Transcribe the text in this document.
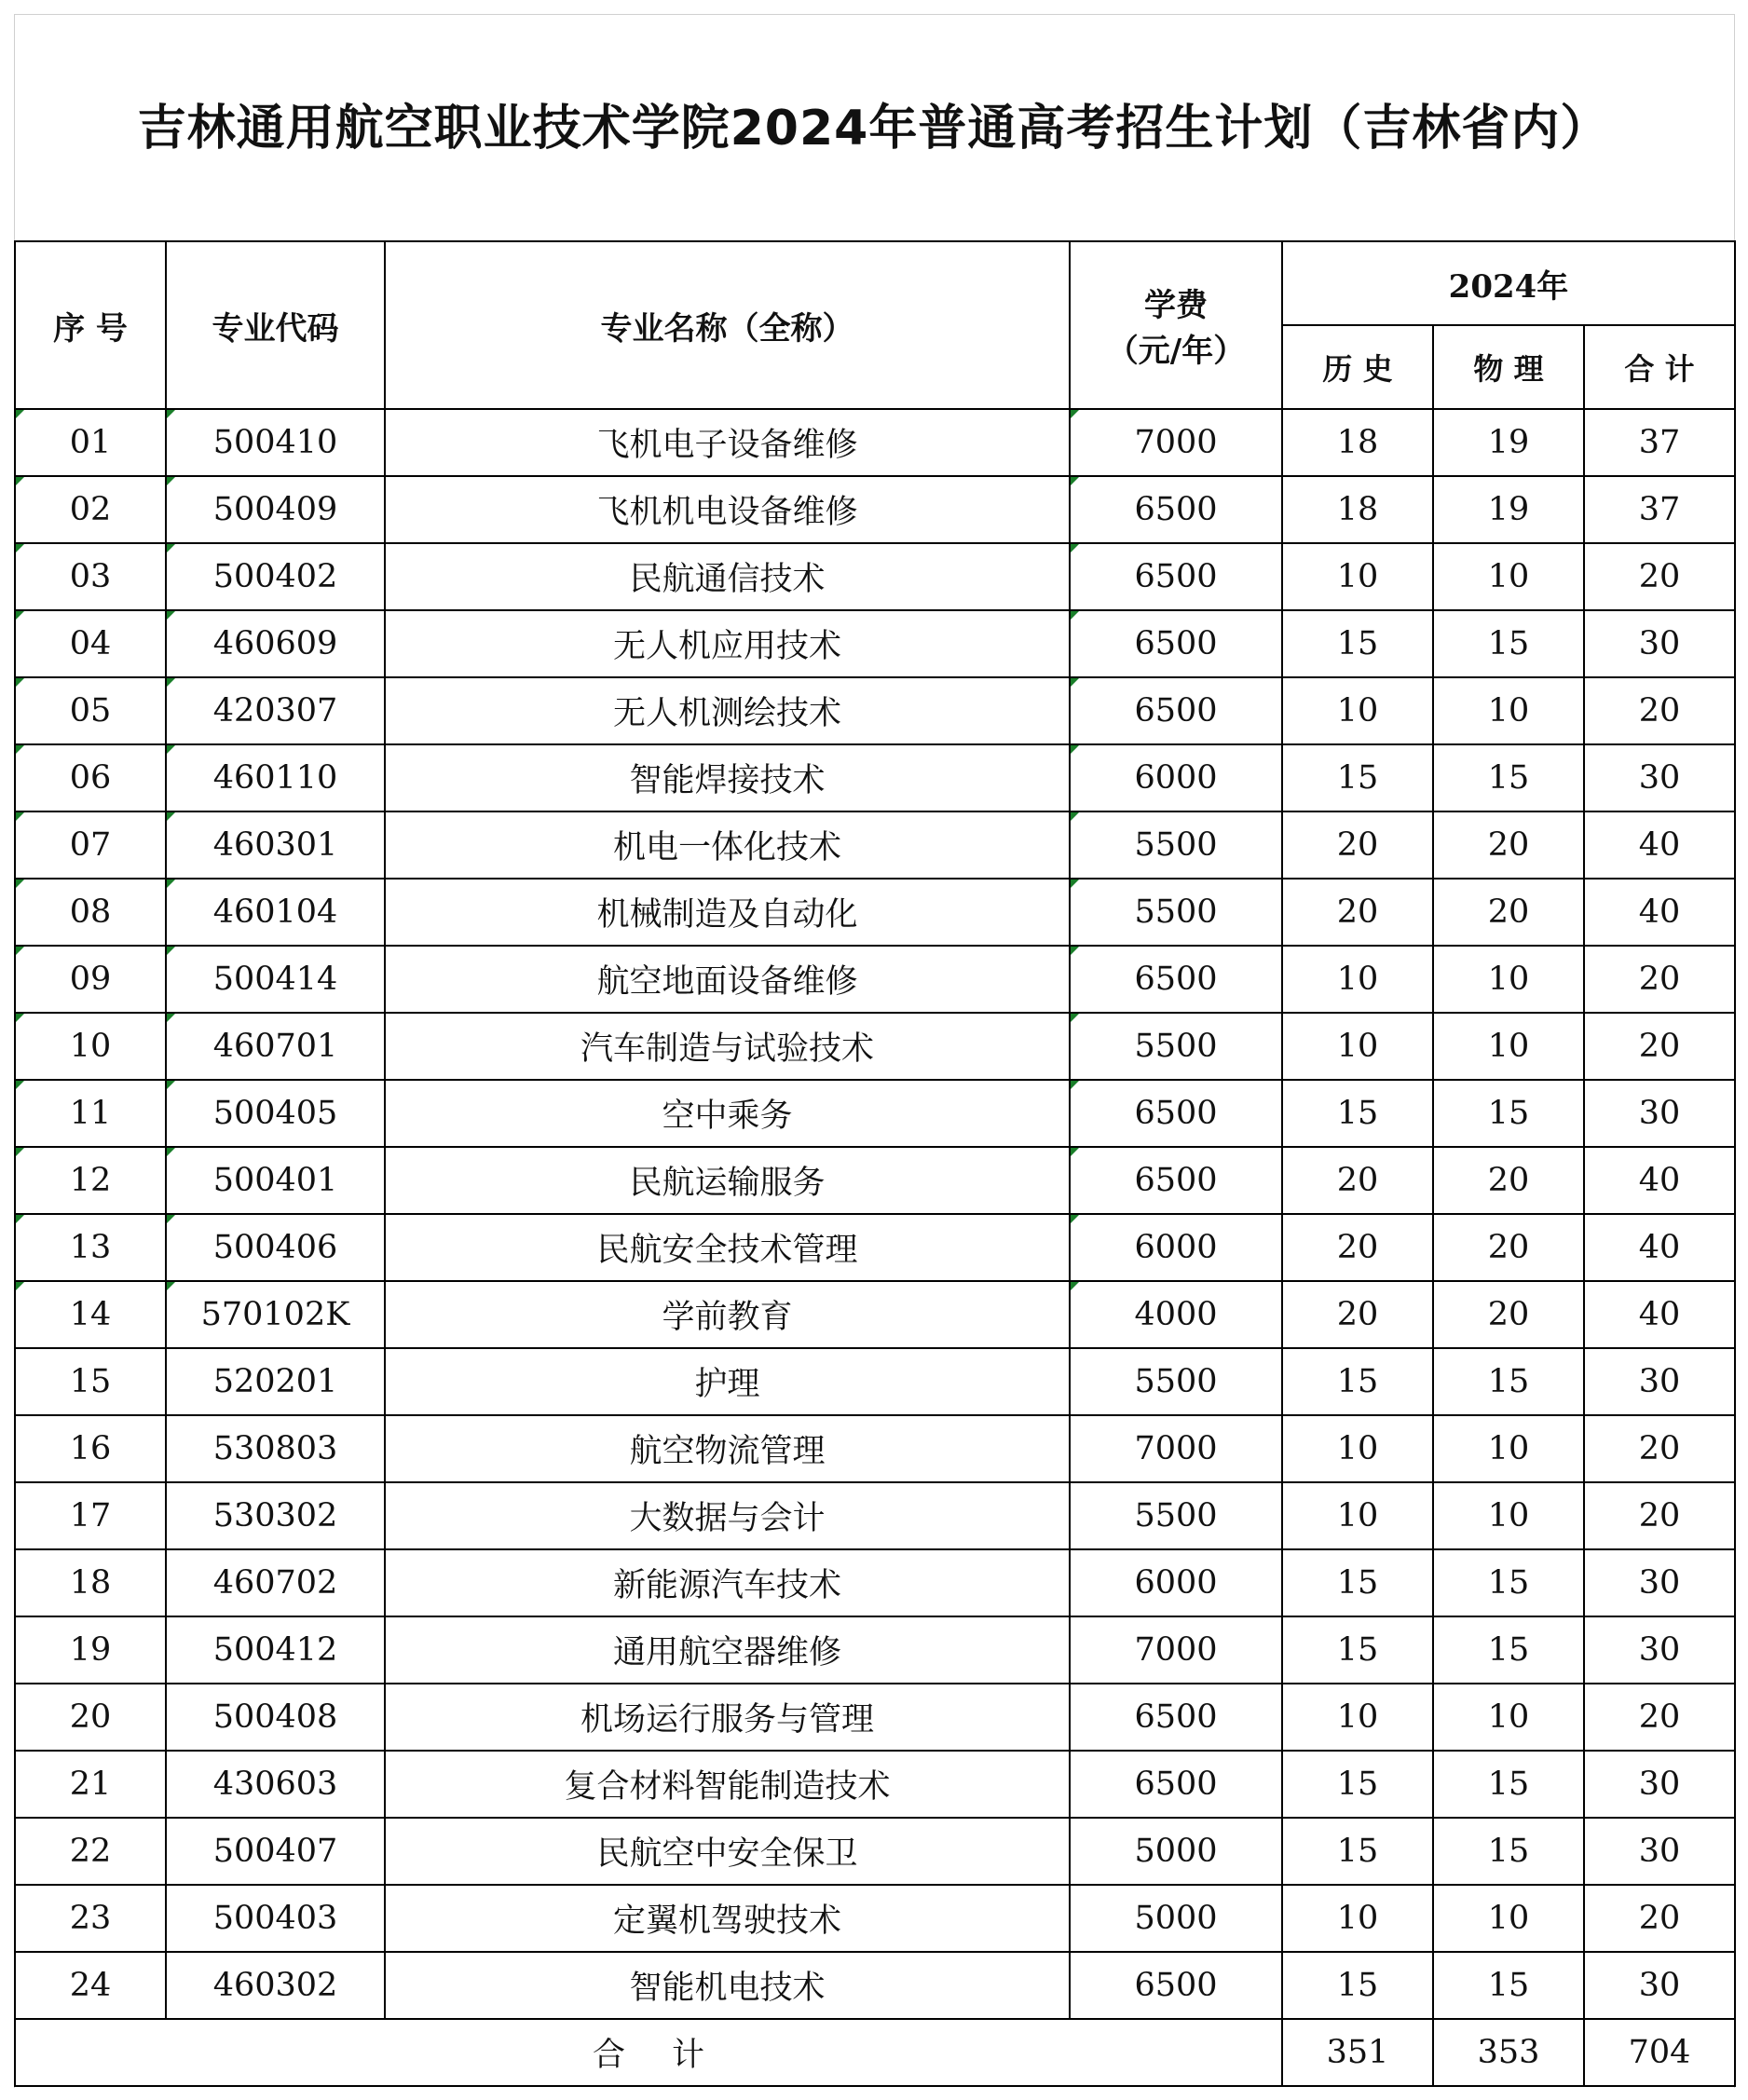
吉林通用航空职业技术学院2024年普通高考招生计划（吉林省内）
序 号	专业代码	专业名称（全称）	学费
（元/年）	2024年		
				历 史	物 理	合 计
01	500410	飞机电子设备维修	7000	18	19	37
02	500409	飞机机电设备维修	6500	18	19	37
03	500402	民航通信技术	6500	10	10	20
04	460609	无人机应用技术	6500	15	15	30
05	420307	无人机测绘技术	6500	10	10	20
06	460110	智能焊接技术	6000	15	15	30
07	460301	机电一体化技术	5500	20	20	40
08	460104	机械制造及自动化	5500	20	20	40
09	500414	航空地面设备维修	6500	10	10	20
10	460701	汽车制造与试验技术	5500	10	10	20
11	500405	空中乘务	6500	15	15	30
12	500401	民航运输服务	6500	20	20	40
13	500406	民航安全技术管理	6000	20	20	40
14	570102K	学前教育	4000	20	20	40
15	520201	护理	5500	15	15	30
16	530803	航空物流管理	7000	10	10	20
17	530302	大数据与会计	5500	10	10	20
18	460702	新能源汽车技术	6000	15	15	30
19	500412	通用航空器维修	7000	15	15	30
20	500408	机场运行服务与管理	6500	10	10	20
21	430603	复合材料智能制造技术	6500	15	15	30
22	500407	民航空中安全保卫	5000	15	15	30
23	500403	定翼机驾驶技术	5000	10	10	20
24	460302	智能机电技术	6500	15	15	30
合计				351	353	704
